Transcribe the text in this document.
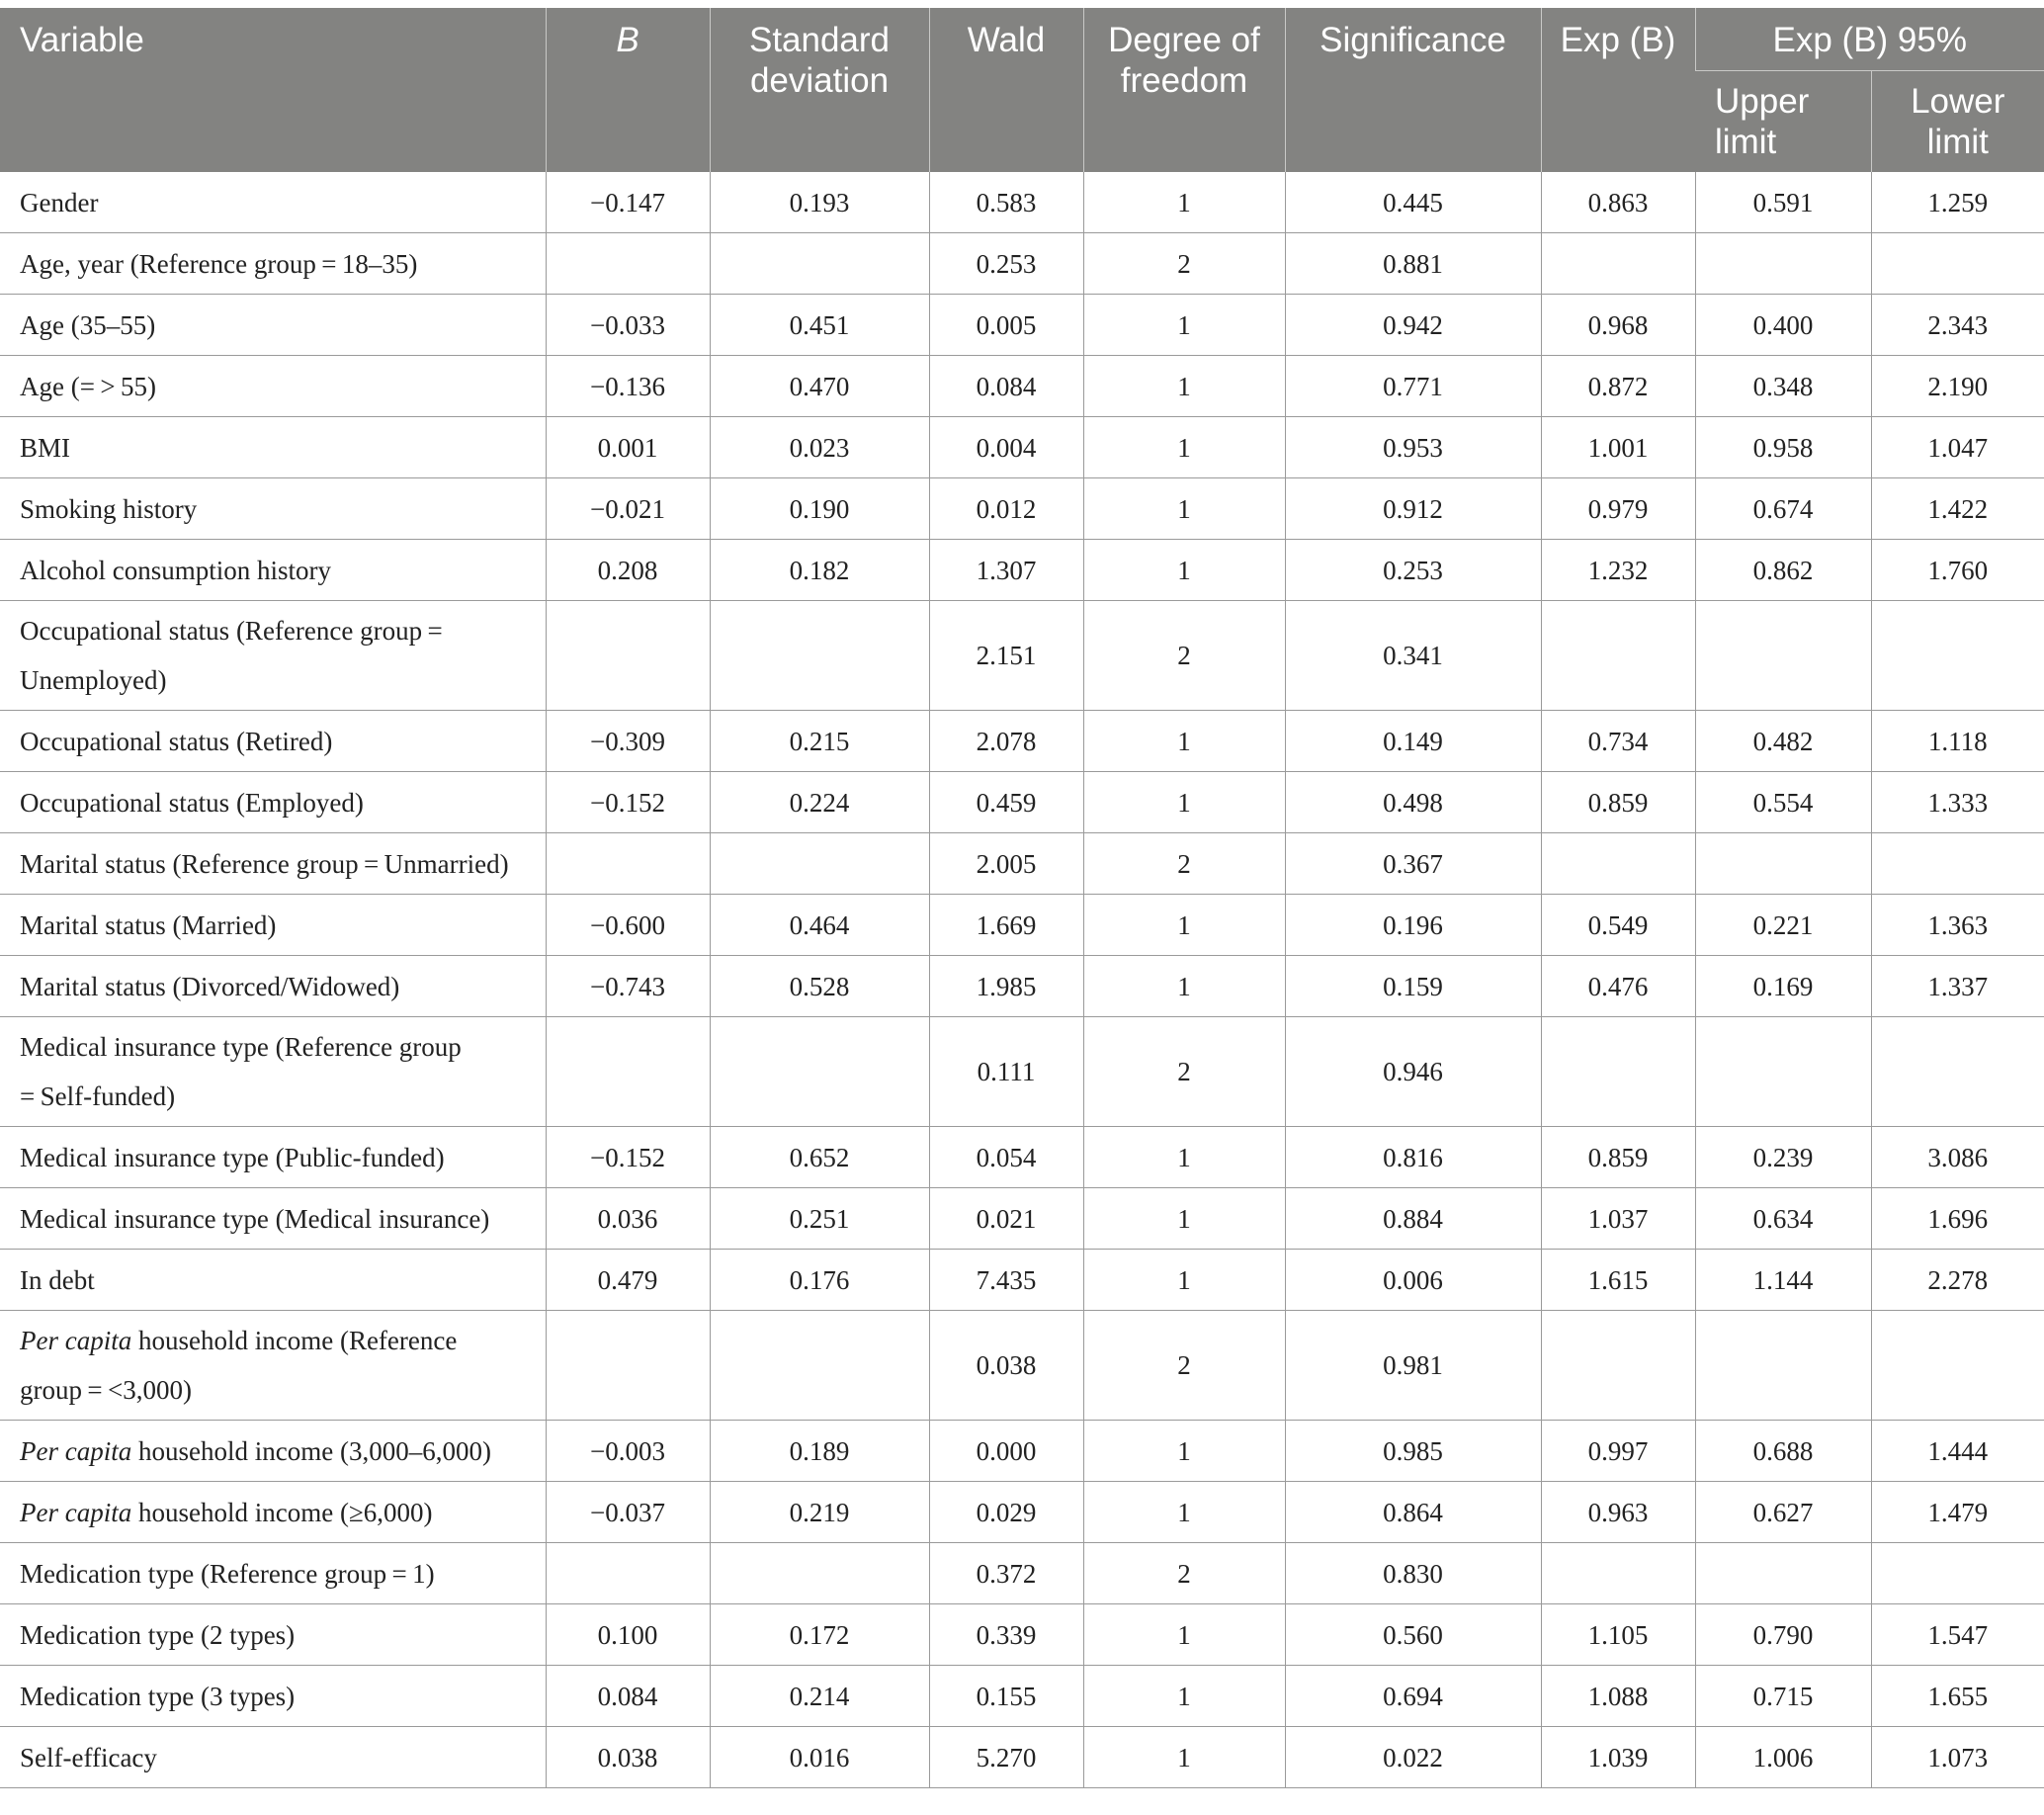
Variable	B	Standard deviation	Wald	Degree of freedom	Significance	Exp (B)	Exp (B) 95%	
							Upper limit	Lower limit
Gender	−0.147	0.193	0.583	1	0.445	0.863	0.591	1.259
Age, year (Reference group = 18–35)			0.253	2	0.881			
Age (35–55)	−0.033	0.451	0.005	1	0.942	0.968	0.400	2.343
Age (= > 55)	−0.136	0.470	0.084	1	0.771	0.872	0.348	2.190
BMI	0.001	0.023	0.004	1	0.953	1.001	0.958	1.047
Smoking history	−0.021	0.190	0.012	1	0.912	0.979	0.674	1.422
Alcohol consumption history	0.208	0.182	1.307	1	0.253	1.232	0.862	1.760
Occupational status (Reference group = Unemployed)			2.151	2	0.341			
Occupational status (Retired)	−0.309	0.215	2.078	1	0.149	0.734	0.482	1.118
Occupational status (Employed)	−0.152	0.224	0.459	1	0.498	0.859	0.554	1.333
Marital status (Reference group = Unmarried)			2.005	2	0.367			
Marital status (Married)	−0.600	0.464	1.669	1	0.196	0.549	0.221	1.363
Marital status (Divorced/Widowed)	−0.743	0.528	1.985	1	0.159	0.476	0.169	1.337
Medical insurance type (Reference group = Self-funded)			0.111	2	0.946			
Medical insurance type (Public-funded)	−0.152	0.652	0.054	1	0.816	0.859	0.239	3.086
Medical insurance type (Medical insurance)	0.036	0.251	0.021	1	0.884	1.037	0.634	1.696
In debt	0.479	0.176	7.435	1	0.006	1.615	1.144	2.278
Per capita household income (Reference group = <3,000)			0.038	2	0.981			
Per capita household income (3,000–6,000)	−0.003	0.189	0.000	1	0.985	0.997	0.688	1.444
Per capita household income (≥6,000)	−0.037	0.219	0.029	1	0.864	0.963	0.627	1.479
Medication type (Reference group = 1)			0.372	2	0.830			
Medication type (2 types)	0.100	0.172	0.339	1	0.560	1.105	0.790	1.547
Medication type (3 types)	0.084	0.214	0.155	1	0.694	1.088	0.715	1.655
Self-efficacy	0.038	0.016	5.270	1	0.022	1.039	1.006	1.073
